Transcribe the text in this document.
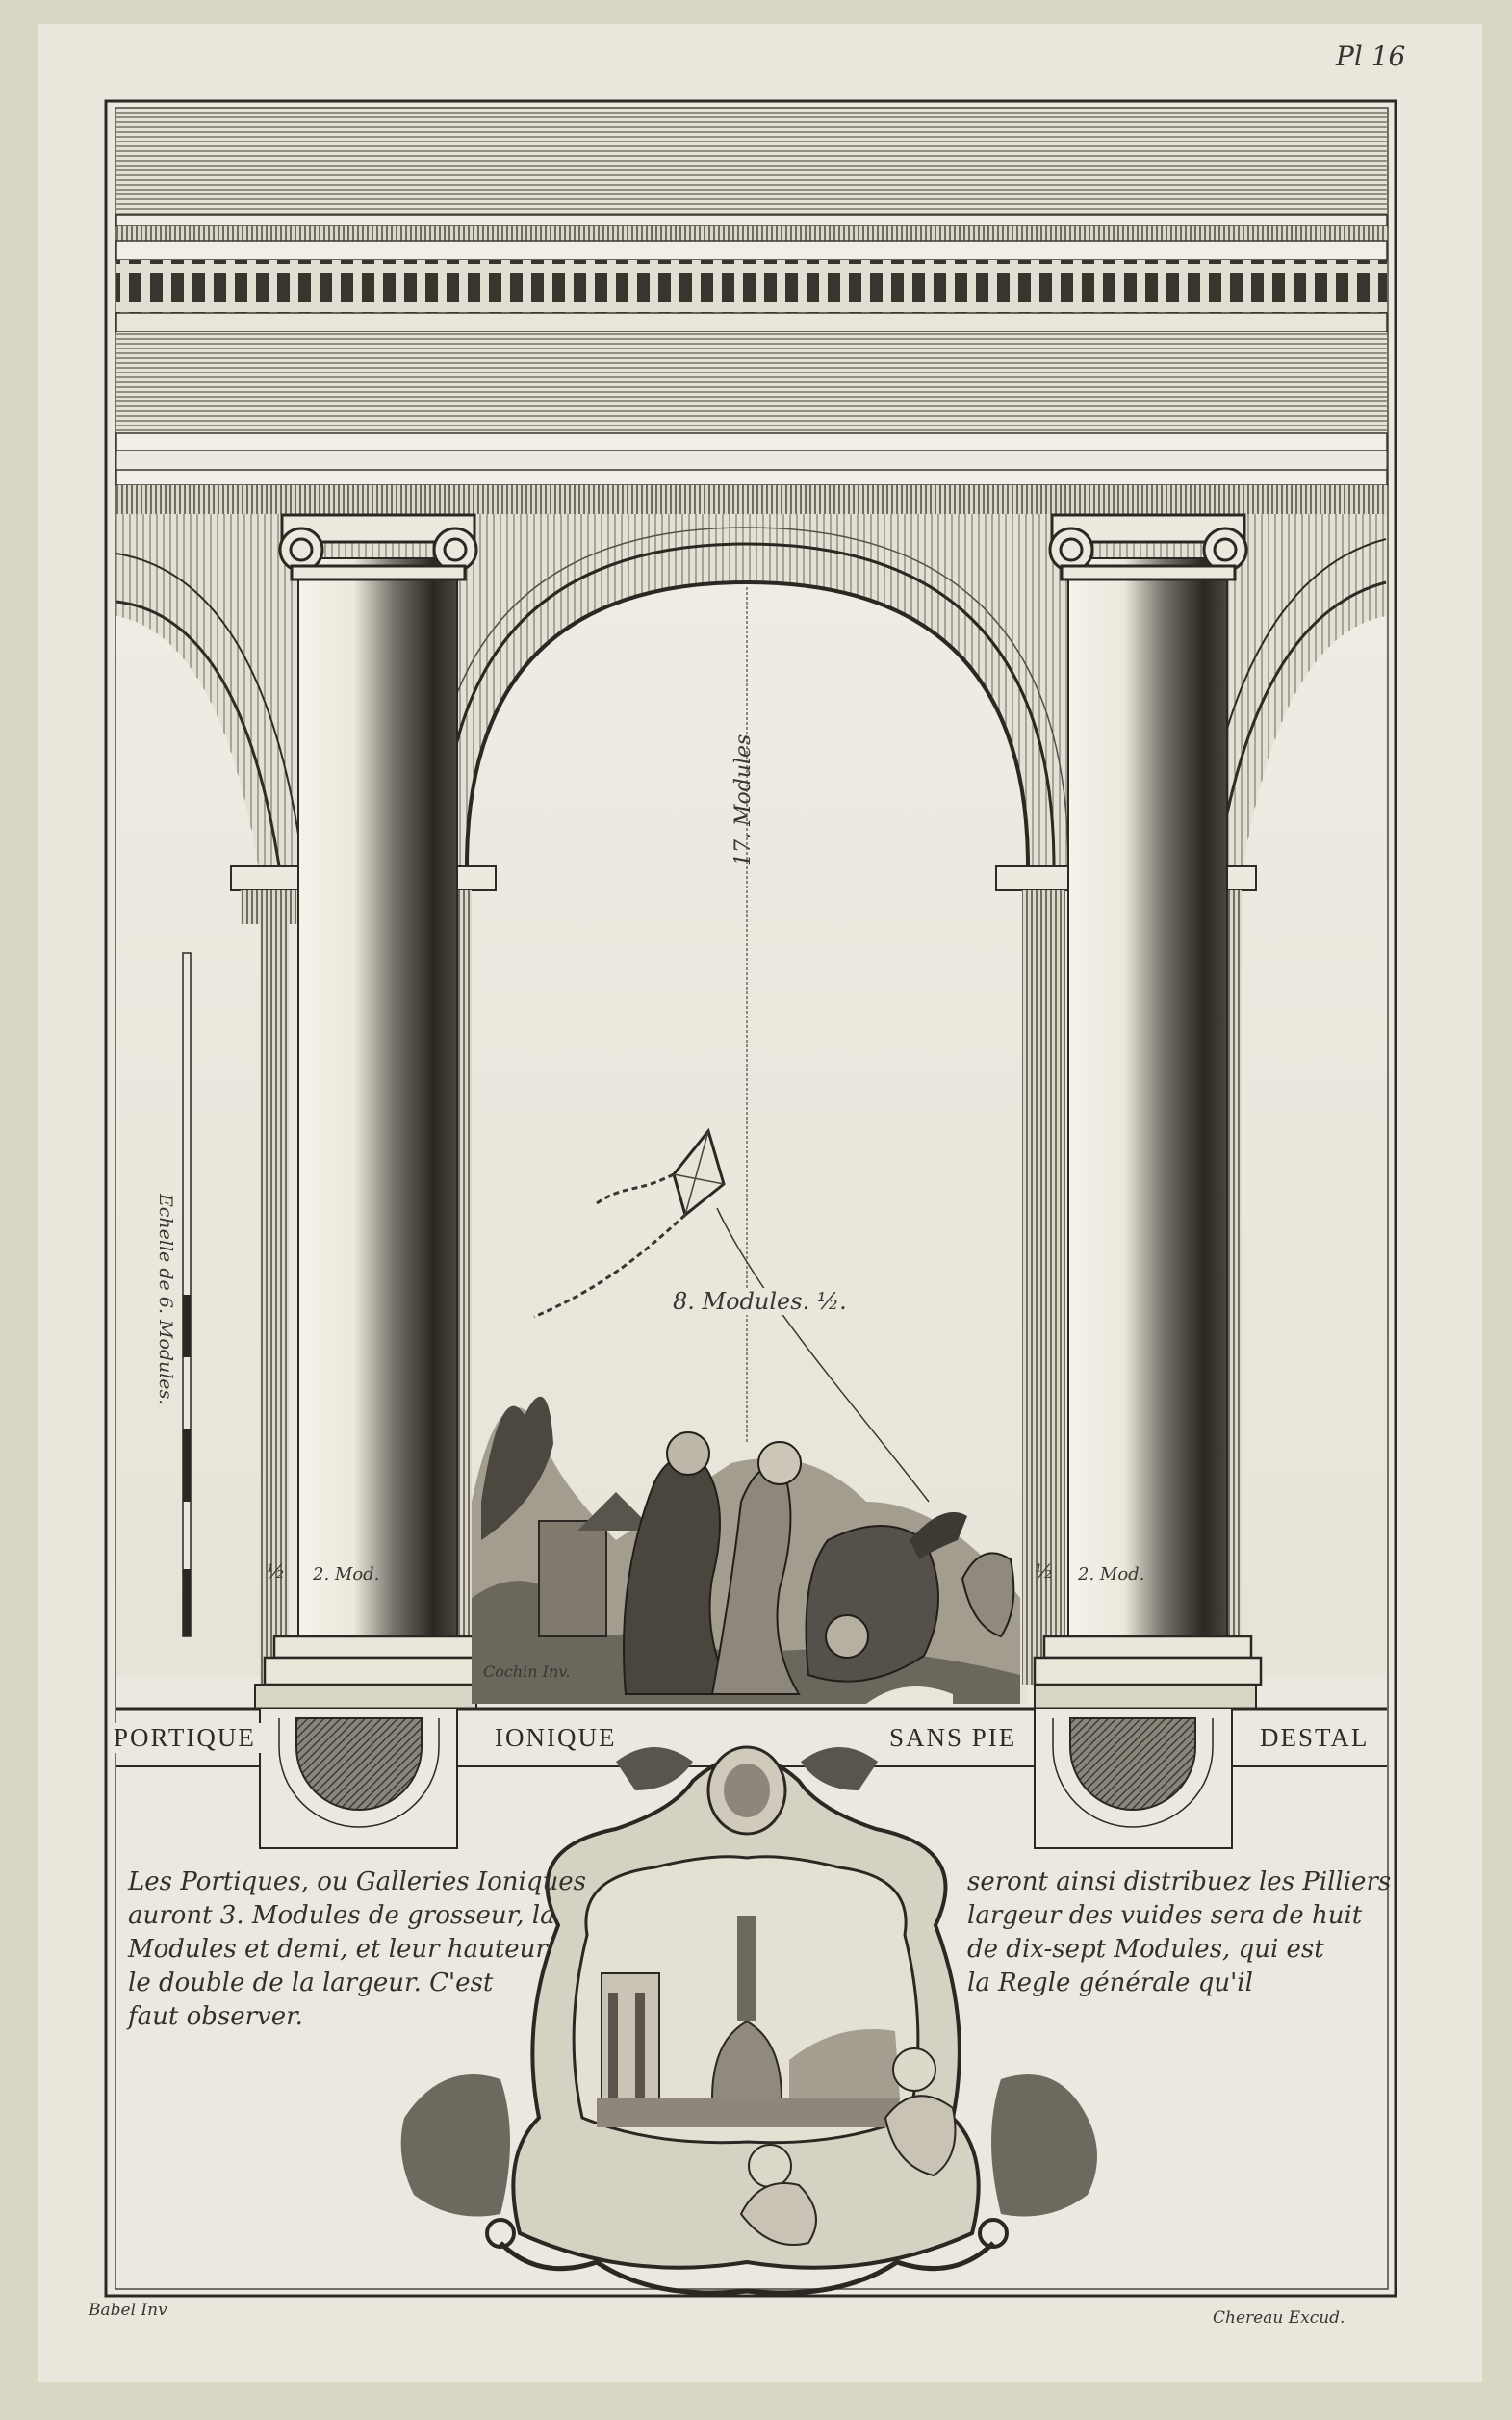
Pl 16
17. Modules
8. Modules. ½.
Echelle de 6. Modules.
½ 2. Mod.	½ 2. Mod.
Cochin Inv.
PORTIQUE	IONIQUE	SANS PIE	DESTAL
Les Portiques, ou Galleries Ioniques
auront 3. Modules de grosseur, la
Modules et demi, et leur hauteur
le double de la largeur. C'est
faut observer.
seront ainsi distribuez les Pilliers
largeur des vuides sera de huit
de dix-sept Modules, qui est
la Regle générale qu'il
Babel Inv	Chereau Excud.
